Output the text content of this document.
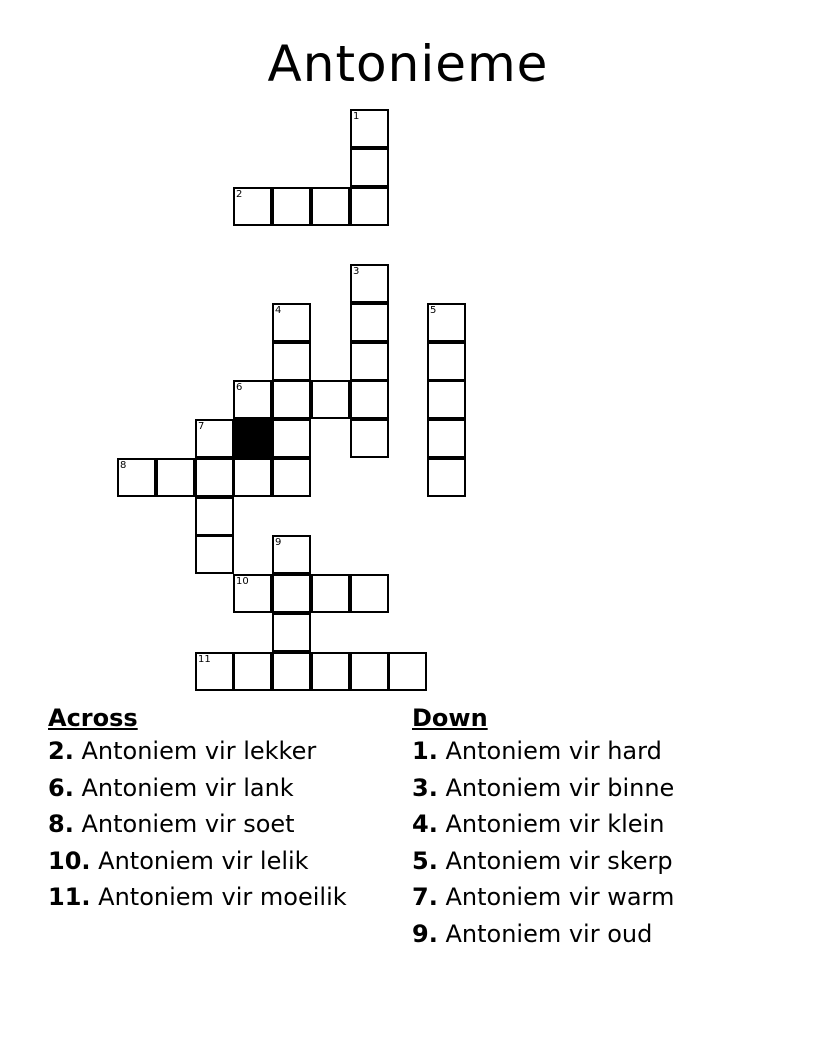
Antonieme
1
2
3
4	5
6
7
8
9
10
11
Across
2. Antoniem vir lekker
6. Antoniem vir lank
8. Antoniem vir soet
10. Antoniem vir lelik
11. Antoniem vir moeilik
Down
1. Antoniem vir hard
3. Antoniem vir binne
4. Antoniem vir klein
5. Antoniem vir skerp
7. Antoniem vir warm
9. Antoniem vir oud
